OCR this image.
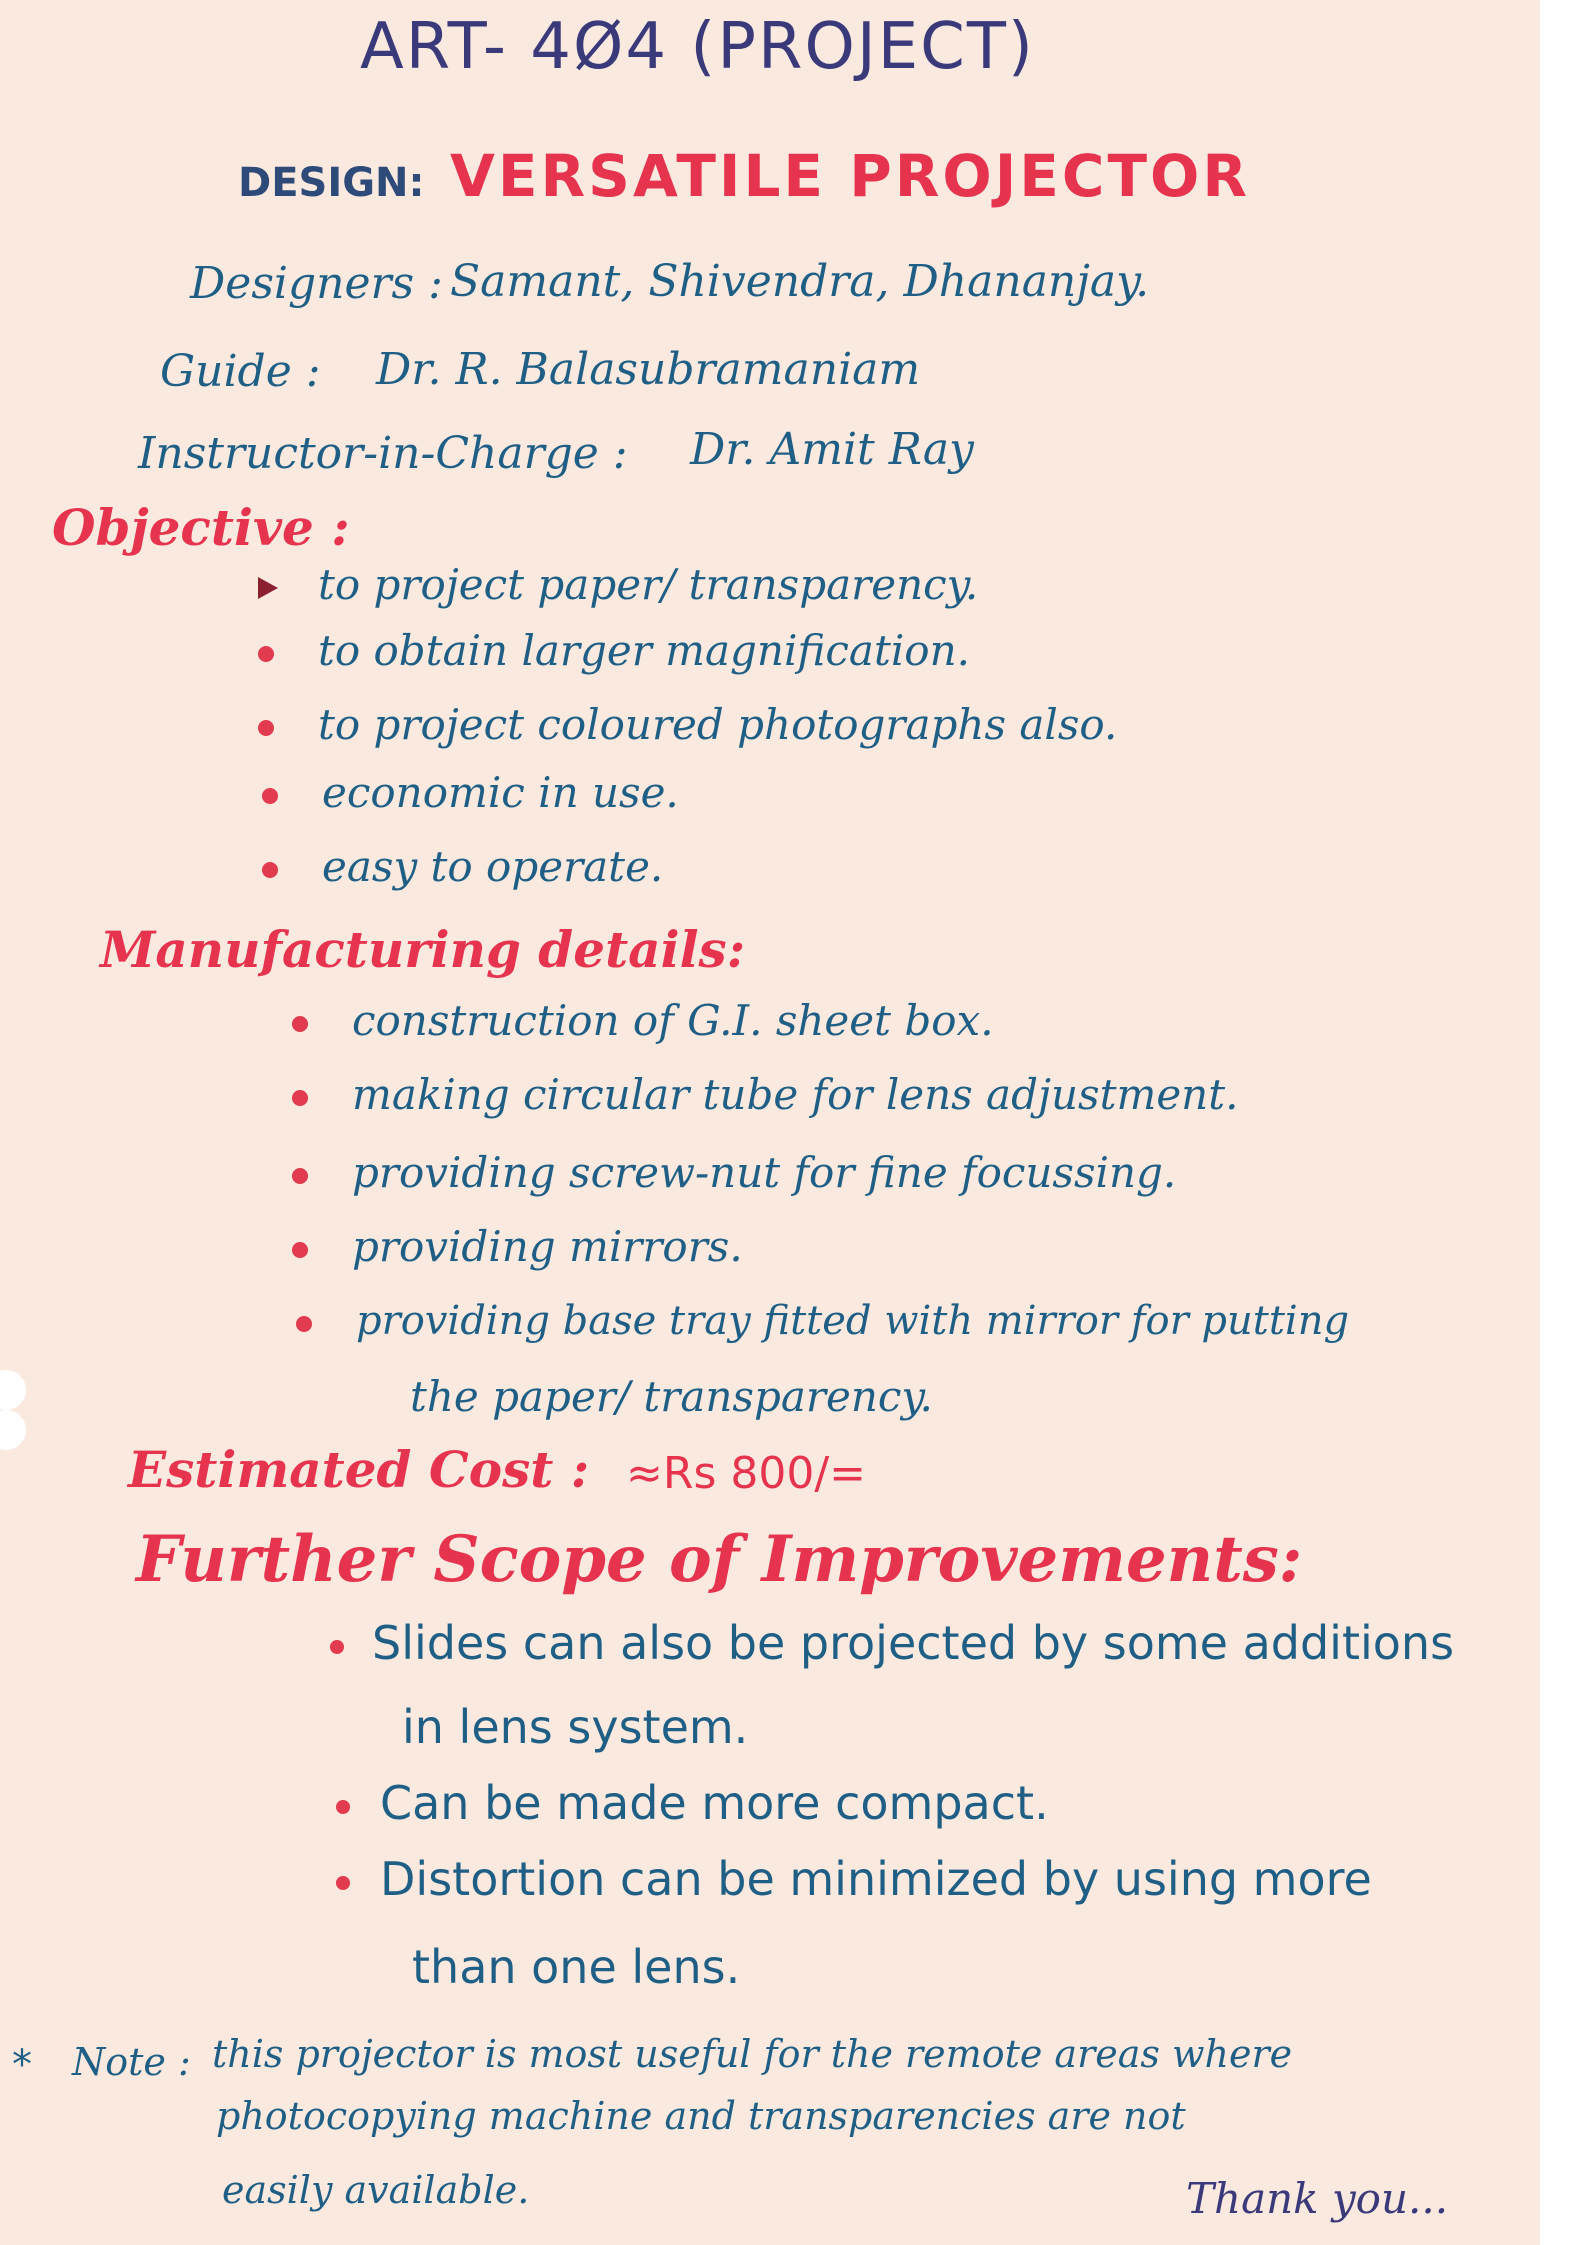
ART- 4Ø4 (PROJECT)
DESIGN: VERSATILE PROJECTOR
Designers : Samant, Shivendra, Dhananjay.
Guide : Dr. R. Balasubramaniam
Instructor-in-Charge : Dr. Amit Ray
Objective :
to project paper/ transparency.
to obtain larger magnification.
to project coloured photographs also.
economic in use.
easy to operate.
Manufacturing details:
construction of G.I. sheet box.
making circular tube for lens adjustment.
providing screw-nut for fine focussing.
providing mirrors.
providing base tray fitted with mirror for putting
the paper/ transparency.
Estimated Cost : ≈Rs 800/=
Further Scope of Improvements:
Slides can also be projected by some additions
in lens system.
Can be made more compact.
Distortion can be minimized by using more
than one lens.
* Note : this projector is most useful for the remote areas where
photocopying machine and transparencies are not
easily available.	Thank you...
